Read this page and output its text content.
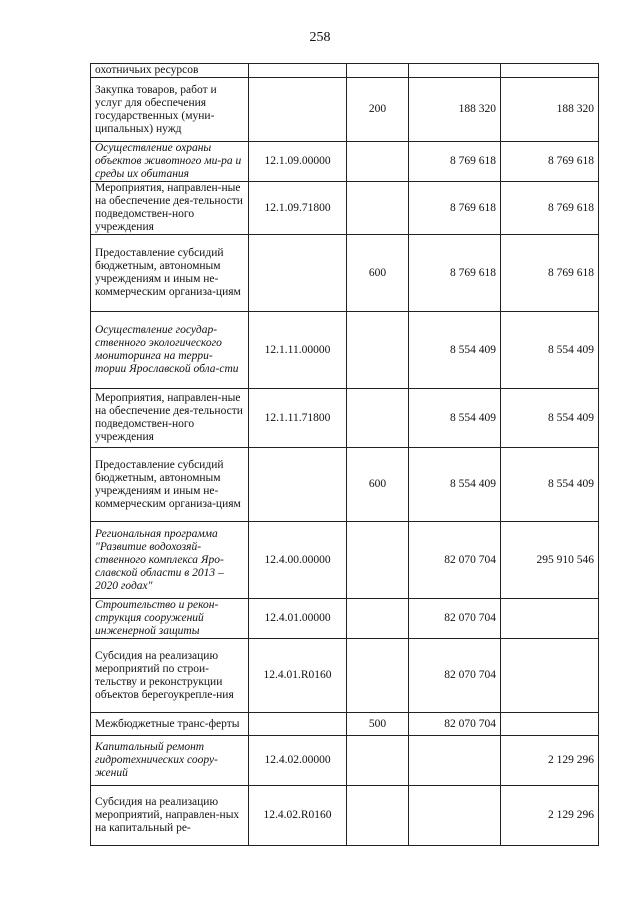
258
охотничьих ресурсов				
Закупка товаров, работ и услуг для обеспечения государственных (муни-ципальных) нужд		200	188 320	188 320
Осуществление охраны объектов животного ми-ра и среды их обитания	12.1.09.00000		8 769 618	8 769 618
Мероприятия, направлен-ные на обеспечение дея-тельности подведомствен-ного учреждения	12.1.09.71800		8 769 618	8 769 618
Предоставление субсидий бюджетным, автономным учреждениям и иным не-коммерческим организа-циям		600	8 769 618	8 769 618
Осуществление государ-ственного экологического мониторинга на терри-тории Ярославской обла-сти	12.1.11.00000		8 554 409	8 554 409
Мероприятия, направлен-ные на обеспечение дея-тельности подведомствен-ного учреждения	12.1.11.71800		8 554 409	8 554 409
Предоставление субсидий бюджетным, автономным учреждениям и иным не-коммерческим организа-циям		600	8 554 409	8 554 409
Региональная программа "Развитие водохозяй-ственного комплекса Яро-славской области в 2013 – 2020 годах"	12.4.00.00000		82 070 704	295 910 546
Строительство и рекон-струкция сооружений инженерной защиты	12.4.01.00000		82 070 704	
Субсидия на реализацию мероприятий по строи-тельству и реконструкции объектов берегоукрепле-ния	12.4.01.R0160		82 070 704	
Межбюджетные транс-ферты		500	82 070 704	
Капитальный ремонт гидротехнических соору-жений	12.4.02.00000			2 129 296
Субсидия на реализацию мероприятий, направлен-ных на капитальный ре-	12.4.02.R0160			2 129 296
